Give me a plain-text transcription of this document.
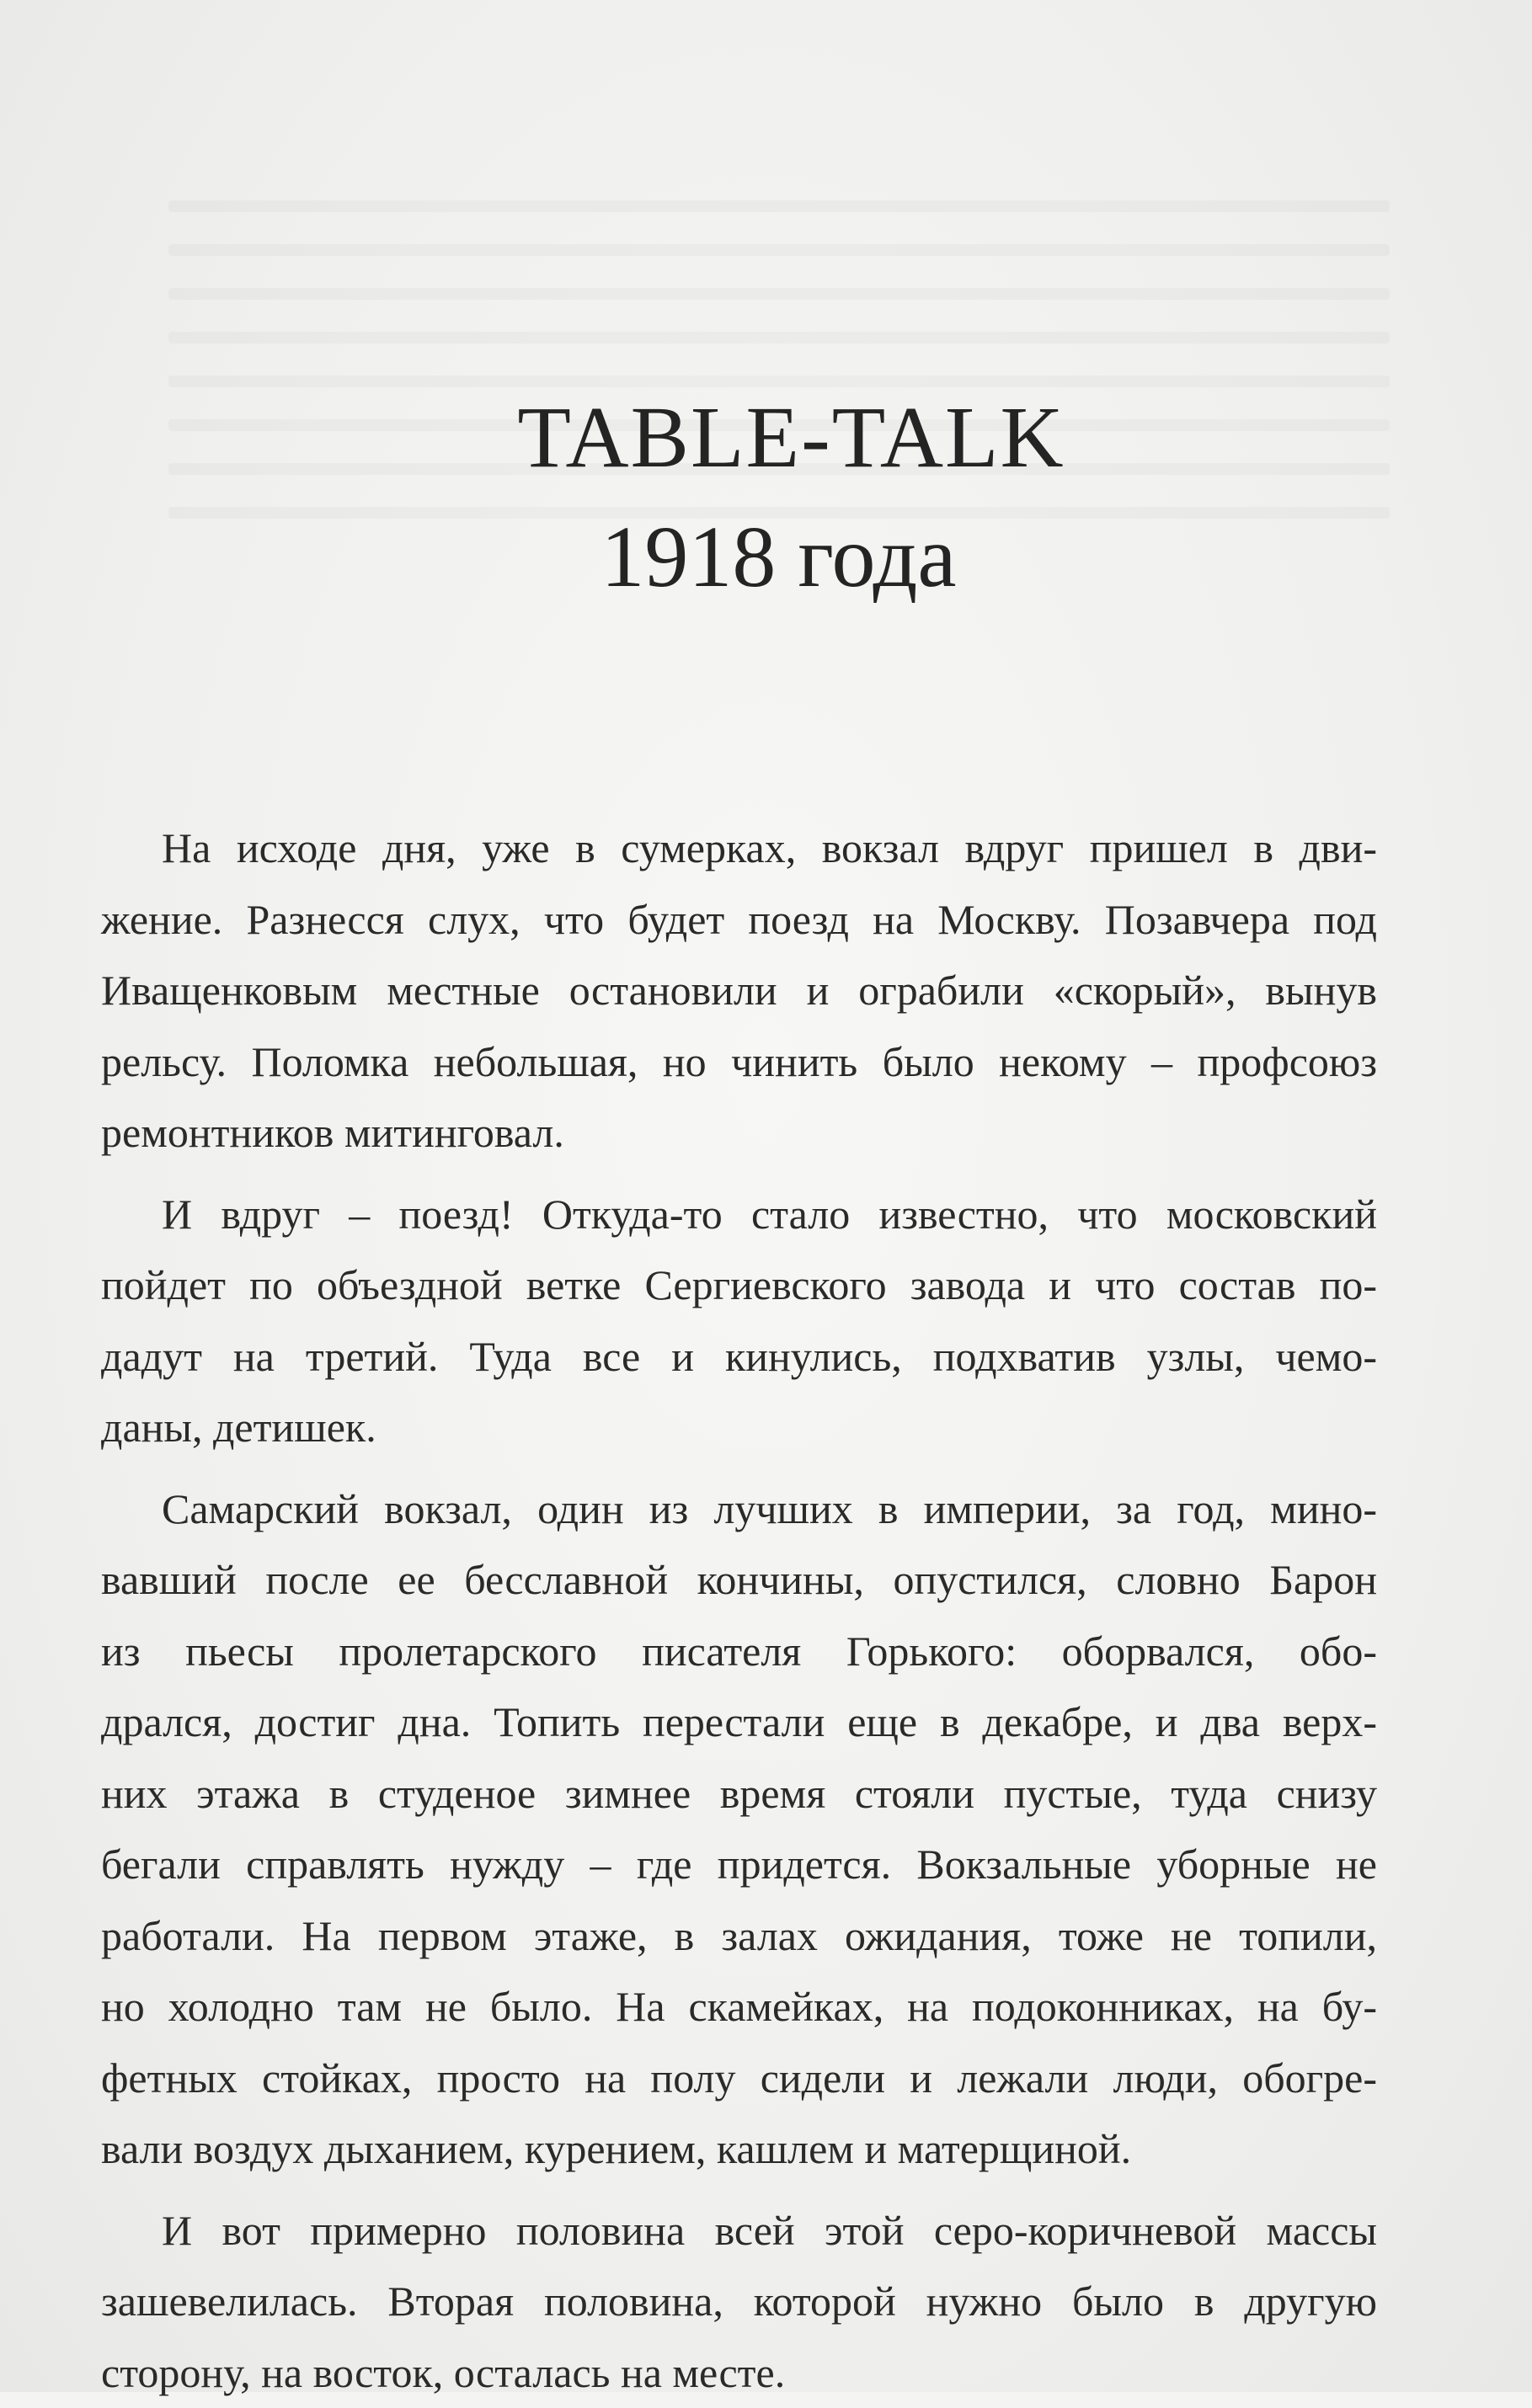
TABLE-TALK
1918 года
На исходе дня, уже в сумерках, вокзал вдруг пришел в дви-
жение. Разнесся слух, что будет поезд на Москву. Позавчера под
Иващенковым местные остановили и ограбили «скорый», вынув
рельсу. Поломка небольшая, но чинить было некому – профсоюз
ремонтников митинговал.
И вдруг – поезд! Откуда-то стало известно, что московский
пойдет по объездной ветке Сергиевского завода и что состав по-
дадут на третий. Туда все и кинулись, подхватив узлы, чемо-
даны, детишек.
Самарский вокзал, один из лучших в империи, за год, мино-
вавший после ее бесславной кончины, опустился, словно Барон
из пьесы пролетарского писателя Горького: оборвался, обо-
дрался, достиг дна. Топить перестали еще в декабре, и два верх-
них этажа в студеное зимнее время стояли пустые, туда снизу
бегали справлять нужду – где придется. Вокзальные уборные не
работали. На первом этаже, в залах ожидания, тоже не топили,
но холодно там не было. На скамейках, на подоконниках, на бу-
фетных стойках, просто на полу сидели и лежали люди, обогре-
вали воздух дыханием, курением, кашлем и матерщиной.
И вот примерно половина всей этой серо-коричневой массы
зашевелилась. Вторая половина, которой нужно было в другую
сторону, на восток, осталась на месте.
